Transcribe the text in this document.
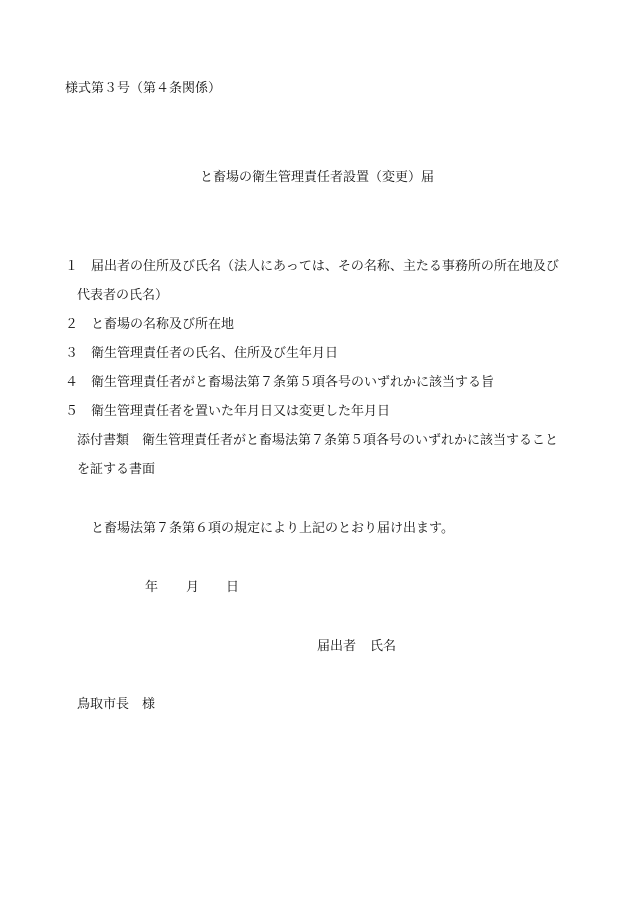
様式第３号（第４条関係）
と畜場の衛生管理責任者設置（変更）届
１ 届出者の住所及び氏名（法人にあっては、その名称、主たる事務所の所在地及び
代表者の氏名）
２ と畜場の名称及び所在地
３ 衛生管理責任者の氏名、住所及び生年月日
４ 衛生管理責任者がと畜場法第７条第５項各号のいずれかに該当する旨
５ 衛生管理責任者を置いた年月日又は変更した年月日
添付書類　衛生管理責任者がと畜場法第７条第５項各号のいずれかに該当すること
を証する書面
と畜場法第７条第６項の規定により上記のとおり届け出ます。
年 月 日
届出者 氏名
鳥取市長　様
